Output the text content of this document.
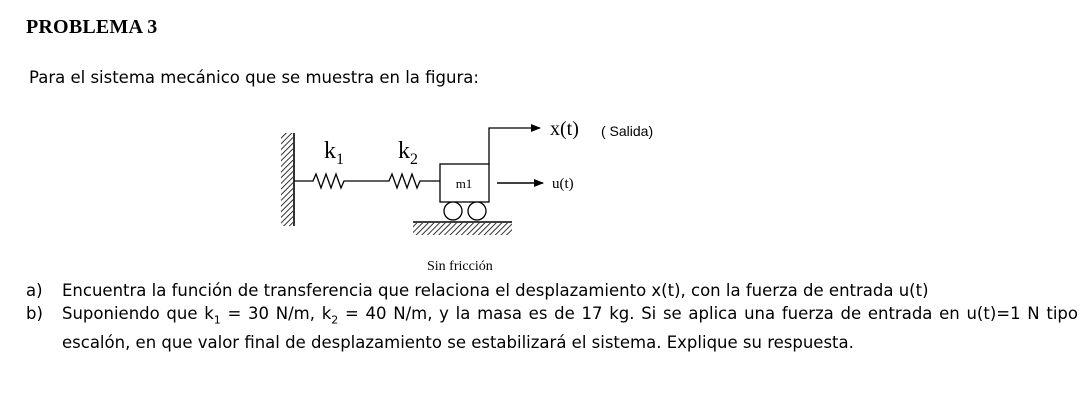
PROBLEMA 3
Para el sistema mecánico que se muestra en la figura:
$k_1$ $k_2$
m1
x(t) ( Salida)
u(t)
Sin fricción
a)	Encuentra la función de transferencia que relaciona el desplazamiento x(t), con la fuerza de entrada u(t)
b)	Suponiendo que $k_1 = 30$ N/m, $k_2 = 40$ N/m, y la masa es de 17 kg. Si se aplica una fuerza de entrada en u(t)=1 N tipo escalón, en que valor final de desplazamiento se estabilizará el sistema. Explique su respuesta.
